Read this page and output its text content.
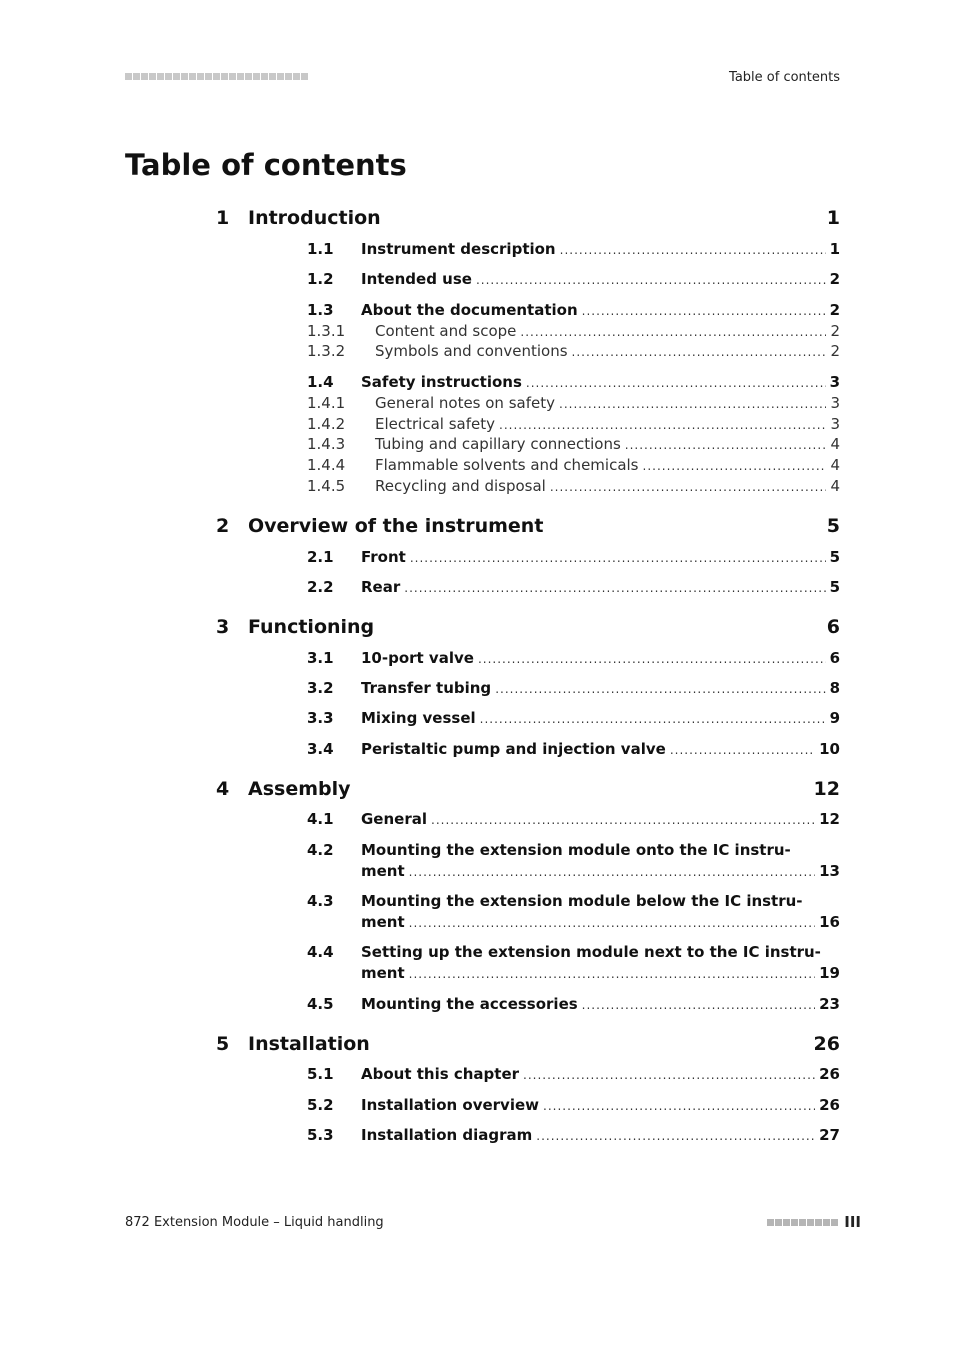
Table of contents
Table of contents
1 Introduction	1
1.1 Instrument description .....	1
1.2 Intended use .....	2
1.3 About the documentation .....	2
1.3.1 Content and scope .....	2
1.3.2 Symbols and conventions .....	2
1.4 Safety instructions .....	3
1.4.1 General notes on safety .....	3
1.4.2 Electrical safety .....	3
1.4.3 Tubing and capillary connections .....	4
1.4.4 Flammable solvents and chemicals .....	4
1.4.5 Recycling and disposal .....	4
2 Overview of the instrument	5
2.1 Front .....	5
2.2 Rear .....	5
3 Functioning	6
3.1 10-port valve .....	6
3.2 Transfer tubing .....	8
3.3 Mixing vessel .....	9
3.4 Peristaltic pump and injection valve .....	10
4 Assembly	12
4.1 General .....	12
4.2 Mounting the extension module onto the IC instru-
ment .....	13
4.3 Mounting the extension module below the IC instru-
ment .....	16
4.4 Setting up the extension module next to the IC instru-
ment .....	19
4.5 Mounting the accessories .....	23
5 Installation	26
5.1 About this chapter .....	26
5.2 Installation overview .....	26
5.3 Installation diagram .....	27
872 Extension Module – Liquid handling	III
